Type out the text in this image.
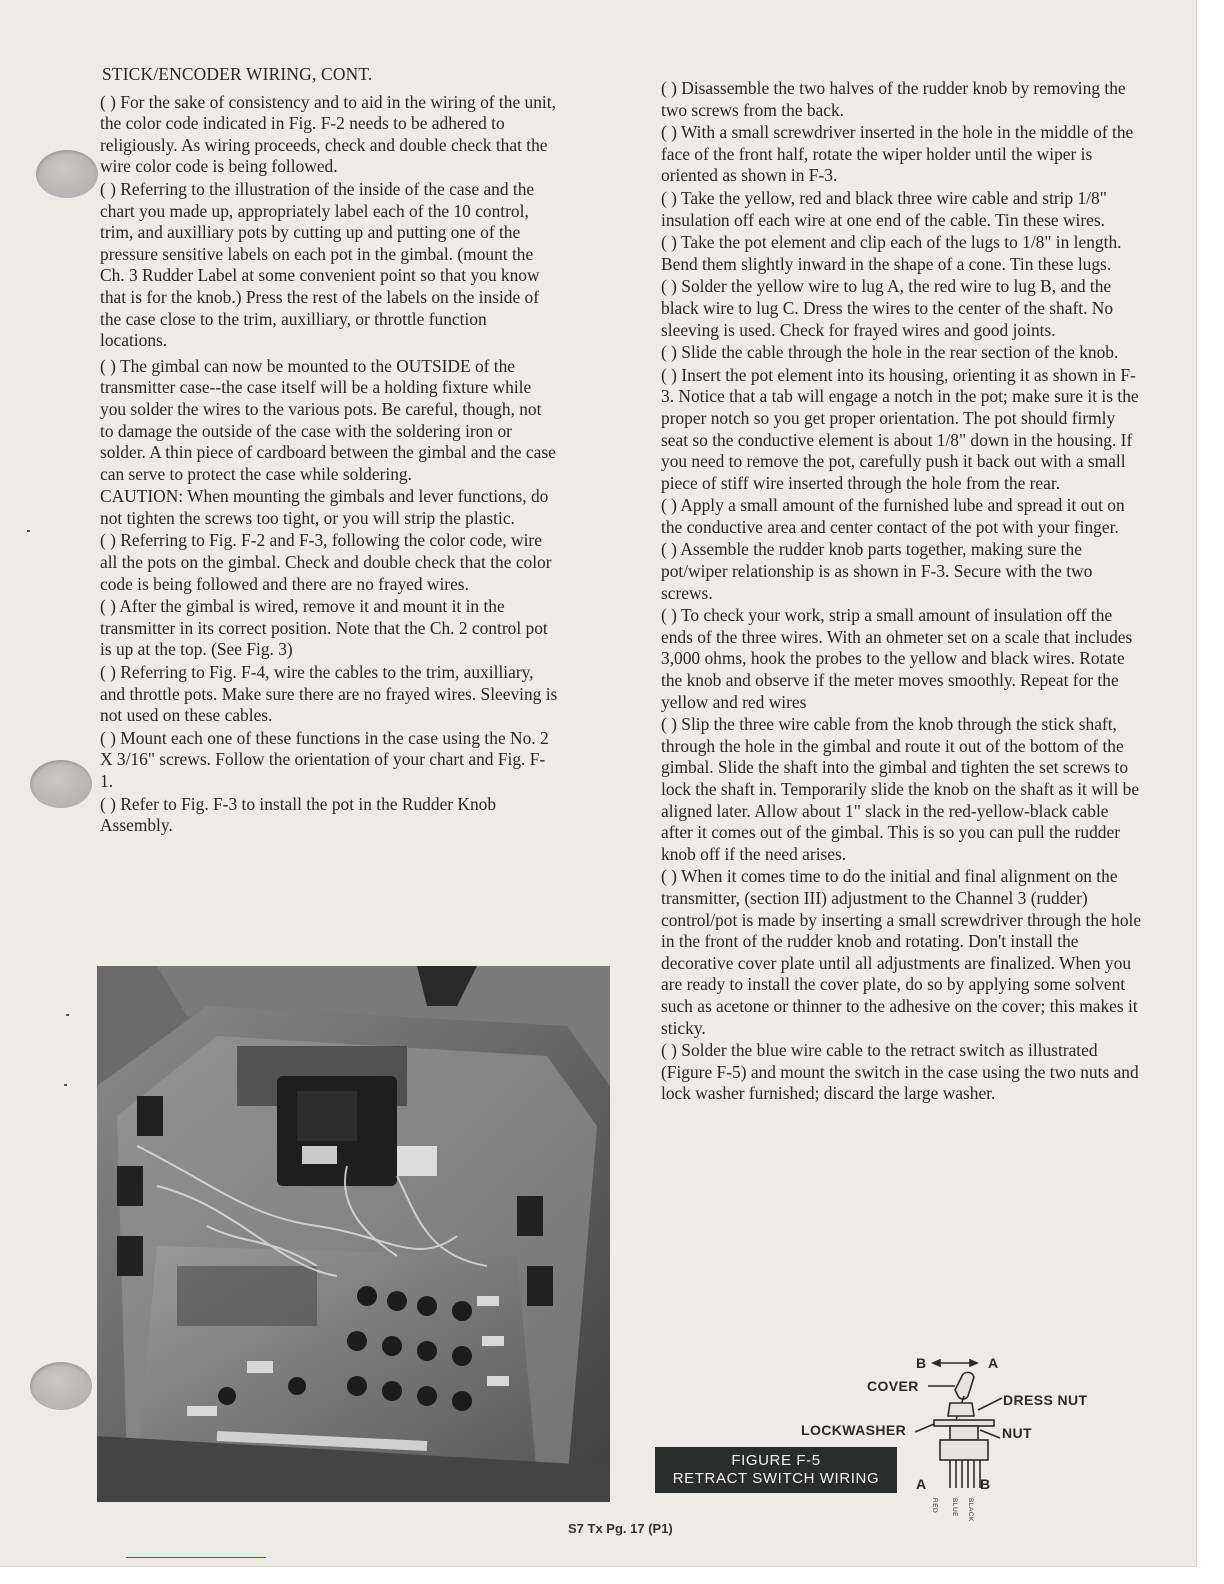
STICK/ENCODER WIRING, CONT.

( ) For the sake of consistency and to aid in the wiring of the unit, the color code indicated in Fig. F-2 needs to be adhered to religiously. As wiring proceeds, check and double check that the wire color code is being followed.

( ) Referring to the illustration of the inside of the case and the chart you made up, appropriately label each of the 10 control, trim, and auxilliary pots by cutting up and putting one of the pressure sensitive labels on each pot in the gimbal. (mount the Ch. 3 Rudder Label at some convenient point so that you know that is for the knob.) Press the rest of the labels on the inside of the case close to the trim, auxilliary, or throttle function locations.

( ) The gimbal can now be mounted to the OUTSIDE of the transmitter case--the case itself will be a holding fixture while you solder the wires to the various pots. Be careful, though, not to damage the outside of the case with the soldering iron or solder. A thin piece of cardboard between the gimbal and the case can serve to protect the case while soldering.

CAUTION: When mounting the gimbals and lever functions, do not tighten the screws too tight, or you will strip the plastic.

( ) Referring to Fig. F-2 and F-3, following the color code, wire all the pots on the gimbal. Check and double check that the color code is being followed and there are no frayed wires.

( ) After the gimbal is wired, remove it and mount it in the transmitter in its correct position. Note that the Ch. 2 control pot is up at the top. (See Fig. 3)

( ) Referring to Fig. F-4, wire the cables to the trim, auxilliary, and throttle pots. Make sure there are no frayed wires. Sleeving is not used on these cables.

( ) Mount each one of these functions in the case using the No. 2 X 3/16" screws. Follow the orientation of your chart and Fig. F-1.

( ) Refer to Fig. F-3 to install the pot in the Rudder Knob Assembly.

( ) Disassemble the two halves of the rudder knob by removing the two screws from the back.

( ) With a small screwdriver inserted in the hole in the middle of the face of the front half, rotate the wiper holder until the wiper is oriented as shown in F-3.

( ) Take the yellow, red and black three wire cable and strip 1/8" insulation off each wire at one end of the cable. Tin these wires.

( ) Take the pot element and clip each of the lugs to 1/8" in length. Bend them slightly inward in the shape of a cone. Tin these lugs.

( ) Solder the yellow wire to lug A, the red wire to lug B, and the black wire to lug C. Dress the wires to the center of the shaft. No sleeving is used. Check for frayed wires and good joints.

( ) Slide the cable through the hole in the rear section of the knob.

( ) Insert the pot element into its housing, orienting it as shown in F-3. Notice that a tab will engage a notch in the pot; make sure it is the proper notch so you get proper orientation. The pot should firmly seat so the conductive element is about 1/8" down in the housing. If you need to remove the pot, carefully push it back out with a small piece of stiff wire inserted through the hole from the rear.

( ) Apply a small amount of the furnished lube and spread it out on the conductive area and center contact of the pot with your finger.

( ) Assemble the rudder knob parts together, making sure the pot/wiper relationship is as shown in F-3. Secure with the two screws.

( ) To check your work, strip a small amount of insulation off the ends of the three wires. With an ohmeter set on a scale that includes 3,000 ohms, hook the probes to the yellow and black wires. Rotate the knob and observe if the meter moves smoothly. Repeat for the yellow and red wires

( ) Slip the three wire cable from the knob through the stick shaft, through the hole in the gimbal and route it out of the bottom of the gimbal. Slide the shaft into the gimbal and tighten the set screws to lock the shaft in. Temporarily slide the knob on the shaft as it will be aligned later. Allow about 1" slack in the red-yellow-black cable after it comes out of the gimbal. This is so you can pull the rudder knob off if the need arises.

( ) When it comes time to do the initial and final alignment on the transmitter, (section III) adjustment to the Channel 3 (rudder) control/pot is made by inserting a small screwdriver through the hole in the front of the rudder knob and rotating. Don't install the decorative cover plate until all adjustments are finalized. When you are ready to install the cover plate, do so by applying some solvent such as acetone or thinner to the adhesive on the cover; this makes it sticky.

( ) Solder the blue wire cable to the retract switch as illustrated (Figure F-5) and mount the switch in the case using the two nuts and lock washer furnished; discard the large washer.

B	A
COVER
DRESS NUT
LOCKWASHER	NUT
A	B
RED BLUE BLACK
FIGURE F-5
RETRACT SWITCH WIRING
S7 Tx Pg. 17 (P1)
